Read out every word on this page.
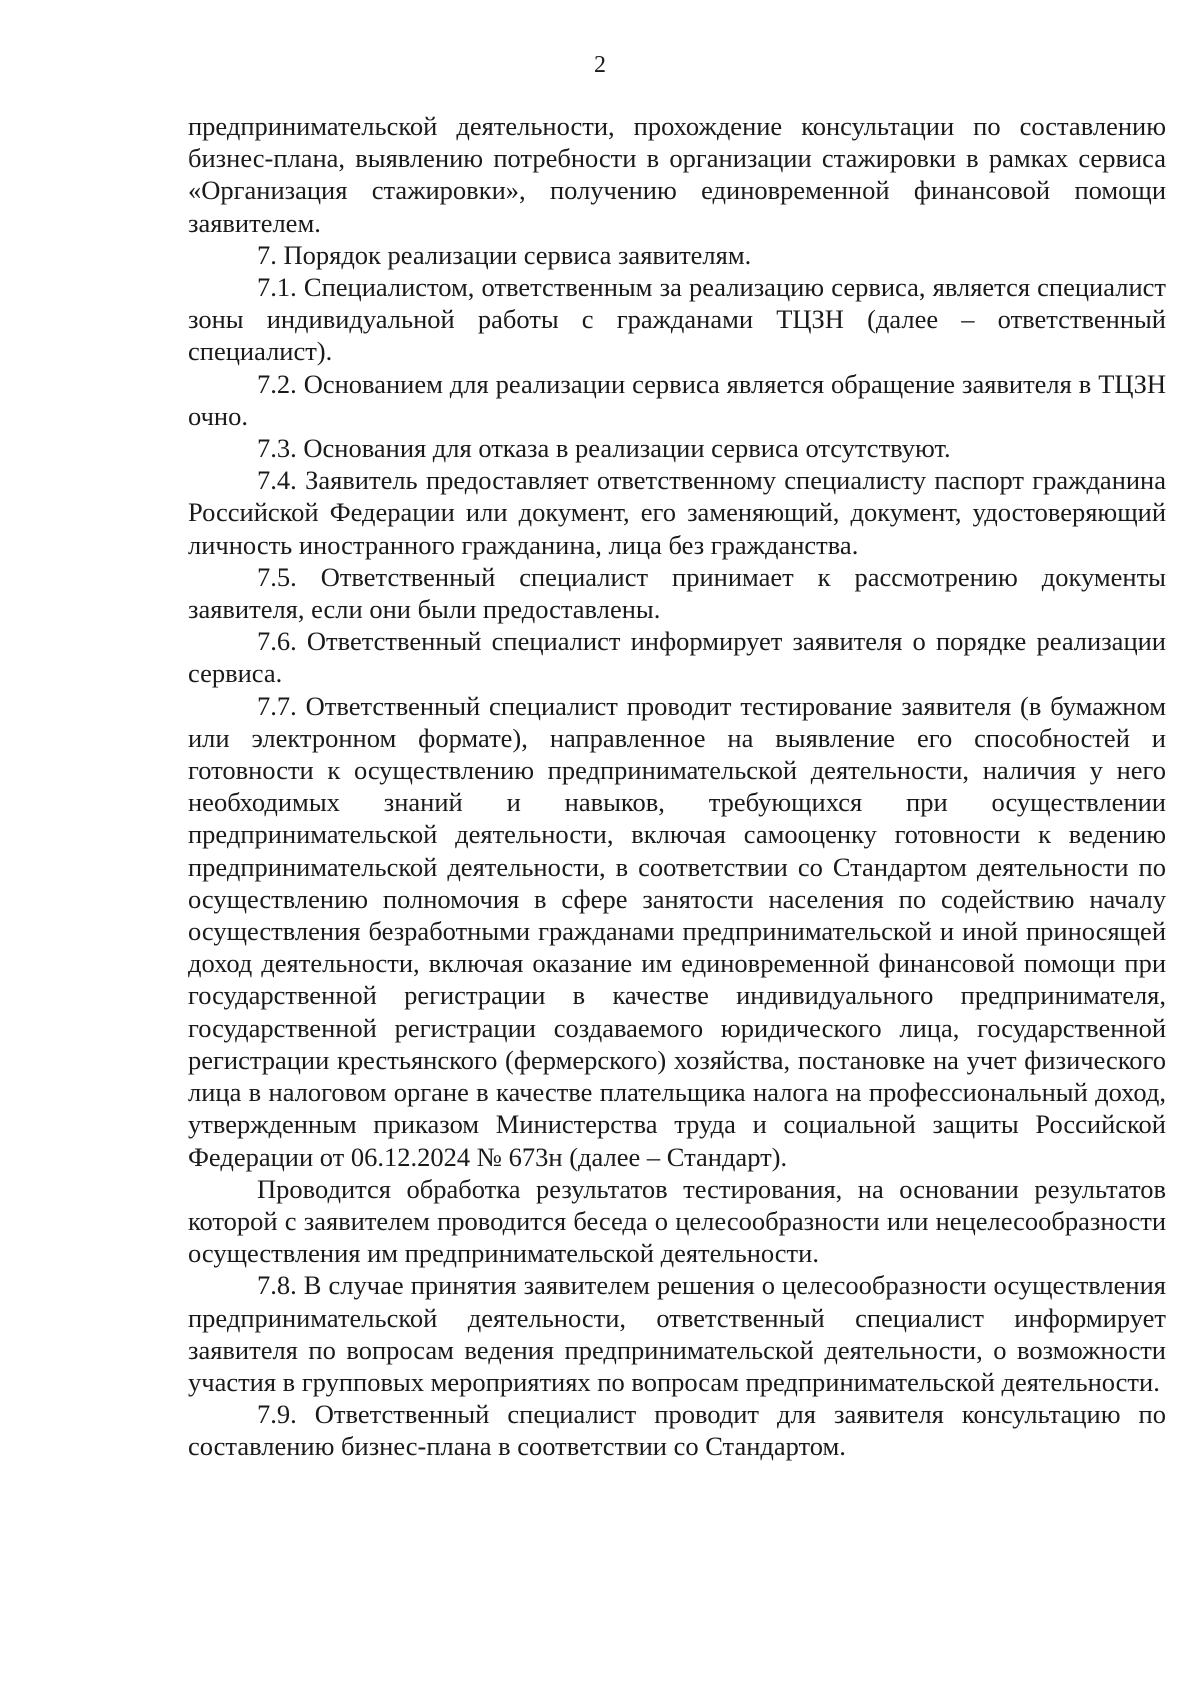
2

предпринимательской деятельности, прохождение консультации по составлению бизнес-плана, выявлению потребности в организации стажировки в рамках сервиса «Организация стажировки», получению единовременной финансовой помощи заявителем.

7. Порядок реализации сервиса заявителям.

7.1. Специалистом, ответственным за реализацию сервиса, является специалист зоны индивидуальной работы с гражданами ТЦЗН (далее – ответственный специалист).

7.2. Основанием для реализации сервиса является обращение заявителя в ТЦЗН очно.

7.3. Основания для отказа в реализации сервиса отсутствуют.

7.4. Заявитель предоставляет ответственному специалисту паспорт гражданина Российской Федерации или документ, его заменяющий, документ, удостоверяющий личность иностранного гражданина, лица без гражданства.

7.5. Ответственный специалист принимает к рассмотрению документы заявителя, если они были предоставлены.

7.6. Ответственный специалист информирует заявителя о порядке реализации сервиса.

7.7. Ответственный специалист проводит тестирование заявителя (в бумажном или электронном формате), направленное на выявление его способностей и готовности к осуществлению предпринимательской деятельности, наличия у него необходимых знаний и навыков, требующихся при осуществлении предпринимательской деятельности, включая самооценку готовности к ведению предпринимательской деятельности, в соответствии со Стандартом деятельности по осуществлению полномочия в сфере занятости населения по содействию началу осуществления безработными гражданами предпринимательской и иной приносящей доход деятельности, включая оказание им единовременной финансовой помощи при государственной регистрации в качестве индивидуального предпринимателя, государственной регистрации создаваемого юридического лица, государственной регистрации крестьянского (фермерского) хозяйства, постановке на учет физического лица в налоговом органе в качестве плательщика налога на профессиональный доход, утвержденным приказом Министерства труда и социальной защиты Российской Федерации от 06.12.2024 № 673н (далее – Стандарт).

Проводится обработка результатов тестирования, на основании результатов которой с заявителем проводится беседа о целесообразности или нецелесообразности осуществления им предпринимательской деятельности.

7.8. В случае принятия заявителем решения о целесообразности осуществления предпринимательской деятельности, ответственный специалист информирует заявителя по вопросам ведения предпринимательской деятельности, о возможности участия в групповых мероприятиях по вопросам предпринимательской деятельности.

7.9. Ответственный специалист проводит для заявителя консультацию по составлению бизнес-плана в соответствии со Стандартом.
